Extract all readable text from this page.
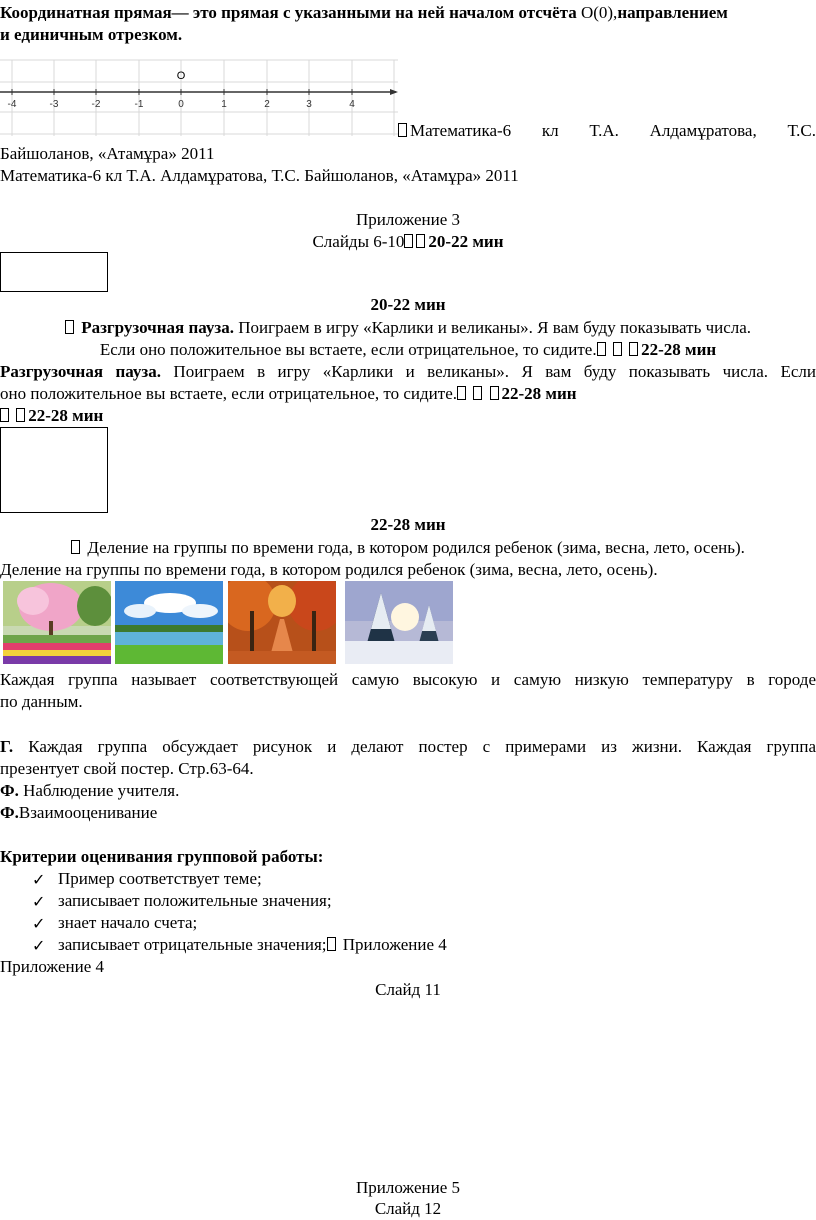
Координатная прямая— это прямая с указанными на ней началом отсчёта O(0),направлением
и единичным отрезком.
O
-4	-3	-2	-1	0	1	2	3	4
Математика-6 кл Т.А. Алдамұратова, Т.С.
Байшоланов, «Атамұра» 2011
Математика-6 кл Т.А. Алдамұратова, Т.С. Байшоланов, «Атамұра» 2011
Приложение 3
Слайды 6-10 20-22 мин
20-22 мин
Разгрузочная пауза. Поиграем в игру «Карлики и великаны». Я вам буду показывать числа.
Если оно положительное вы встаете, если отрицательное, то сидите.	22-28 мин
Разгрузочная пауза. Поиграем в игру «Карлики и великаны». Я вам буду показывать числа. Если
оно положительное вы встаете, если отрицательное, то сидите.	22-28 мин
22-28 мин
22-28 мин
Деление на группы по времени года, в котором родился ребенок (зима, весна, лето, осень).
Деление на группы по времени года, в котором родился ребенок (зима, весна, лето, осень).
Каждая группа называет соответствующей самую высокую и самую низкую температуру в городе
по данным.
Г. Каждая группа обсуждает рисунок и делают постер с примерами из жизни. Каждая группа
презентует свой постер. Стр.63-64.
Ф. Наблюдение учителя.
Ф.Взаимооценивание
Критерии оценивания групповой работы:
✓ Пример соответствует теме;
✓ записывает положительные значения;
✓ знает начало счета;
✓ записывает отрицательные значения; Приложение 4
Приложение 4
Слайд 11
Приложение 5
Слайд 12
